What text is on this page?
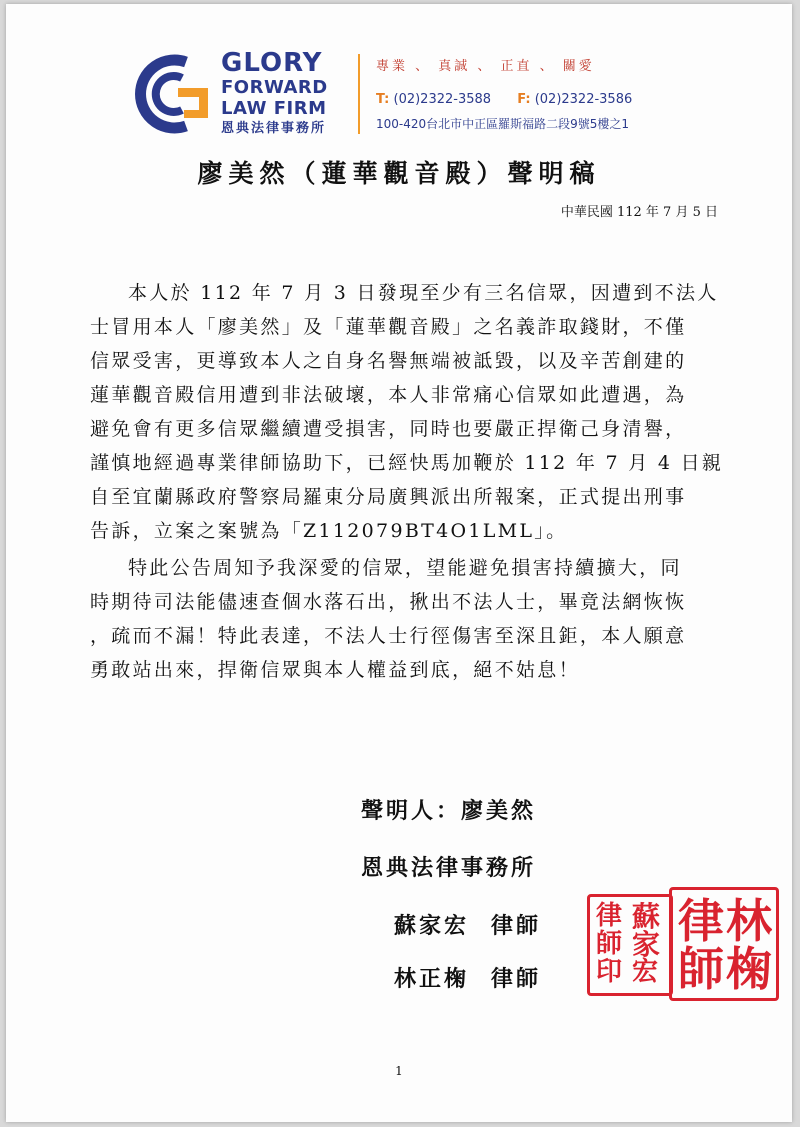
GLORY
FORWARD
LAW FIRM
恩典法律事務所
專業 、 真誠 、 正直 、 關愛
T: (02)2322-3588 F: (02)2322-3586
100-420台北市中正區羅斯福路二段9號5樓之1
廖美然（蓮華觀音殿）聲明稿
中華民國 112 年 7 月 5 日

本人於 112 年 7 月 3 日發現至少有三名信眾，因遭到不法人
士冒用本人「廖美然」及「蓮華觀音殿」之名義詐取錢財，不僅
信眾受害，更導致本人之自身名譽無端被詆毀，以及辛苦創建的
蓮華觀音殿信用遭到非法破壞，本人非常痛心信眾如此遭遇，為
避免會有更多信眾繼續遭受損害，同時也要嚴正捍衛己身清譽，
謹慎地經過專業律師協助下，已經快馬加鞭於 112 年 7 月 4 日親
自至宜蘭縣政府警察局羅東分局廣興派出所報案，正式提出刑事
告訴，立案之案號為「Z112079BT4O1LML」。

特此公告周知予我深愛的信眾，望能避免損害持續擴大，同
時期待司法能儘速查個水落石出，揪出不法人士，畢竟法網恢恢
，疏而不漏！特此表達，不法人士行徑傷害至深且鉅，本人願意
勇敢站出來，捍衛信眾與本人權益到底，絕不姑息！

聲明人：廖美然
恩典法律事務所
蘇家宏 律師
林正椈 律師
蘇
家
宏
律
師
印
律 林
師 椈
1
